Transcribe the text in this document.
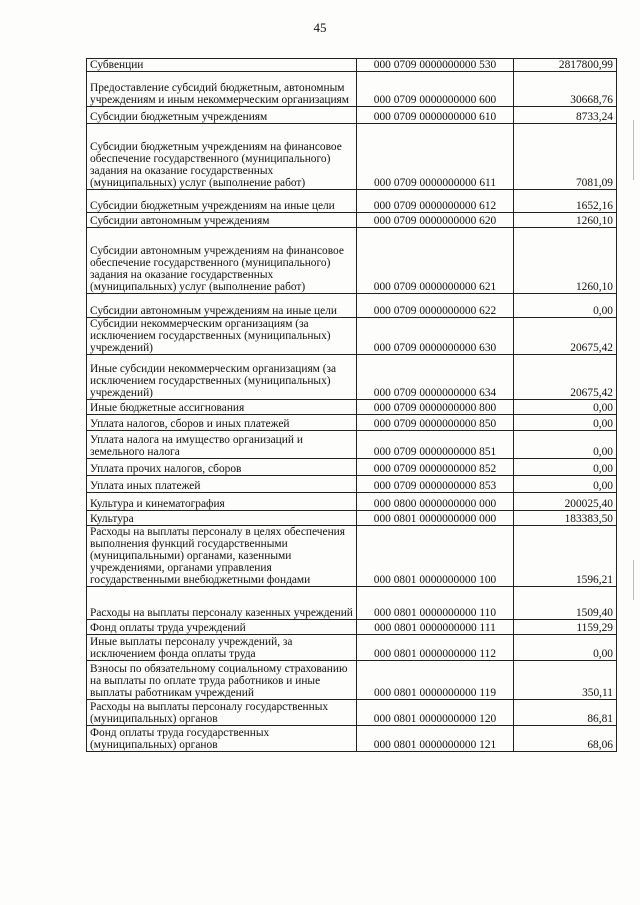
45
Субвенции	000 0709 0000000000 530	2817800,99
Предоставление субсидий бюджетным, автономным учреждениям и иным некоммерческим организациям	000 0709 0000000000 600	30668,76
Субсидии бюджетным учреждениям	000 0709 0000000000 610	8733,24
Субсидии бюджетным учреждениям на финансовое обеспечение государственного (муниципального) задания на оказание государственных (муниципальных) услуг (выполнение работ)	000 0709 0000000000 611	7081,09
Субсидии бюджетным учреждениям на иные цели	000 0709 0000000000 612	1652,16
Субсидии автономным учреждениям	000 0709 0000000000 620	1260,10
Субсидии автономным учреждениям на финансовое обеспечение государственного (муниципального) задания на оказание государственных (муниципальных) услуг (выполнение работ)	000 0709 0000000000 621	1260,10
Субсидии автономным учреждениям на иные цели	000 0709 0000000000 622	0,00
Субсидии некоммерческим организациям (за исключением государственных (муниципальных) учреждений)	000 0709 0000000000 630	20675,42
Иные субсидии некоммерческим организациям (за исключением государственных (муниципальных) учреждений)	000 0709 0000000000 634	20675,42
Иные бюджетные ассигнования	000 0709 0000000000 800	0,00
Уплата налогов, сборов и иных платежей	000 0709 0000000000 850	0,00
Уплата налога на имущество организаций и земельного налога	000 0709 0000000000 851	0,00
Уплата прочих налогов, сборов	000 0709 0000000000 852	0,00
Уплата иных платежей	000 0709 0000000000 853	0,00
Культура и кинематография	000 0800 0000000000 000	200025,40
Культура	000 0801 0000000000 000	183383,50
Расходы на выплаты персоналу в целях обеспечения выполнения функций государственными (муниципальными) органами, казенными учреждениями, органами управления государственными внебюджетными фондами	000 0801 0000000000 100	1596,21
Расходы на выплаты персоналу казенных учреждений	000 0801 0000000000 110	1509,40
Фонд оплаты труда учреждений	000 0801 0000000000 111	1159,29
Иные выплаты персоналу учреждений, за исключением фонда оплаты труда	000 0801 0000000000 112	0,00
Взносы по обязательному социальному страхованию на выплаты по оплате труда работников и иные выплаты работникам учреждений	000 0801 0000000000 119	350,11
Расходы на выплаты персоналу государственных (муниципальных) органов	000 0801 0000000000 120	86,81
Фонд оплаты труда государственных (муниципальных) органов	000 0801 0000000000 121	68,06
